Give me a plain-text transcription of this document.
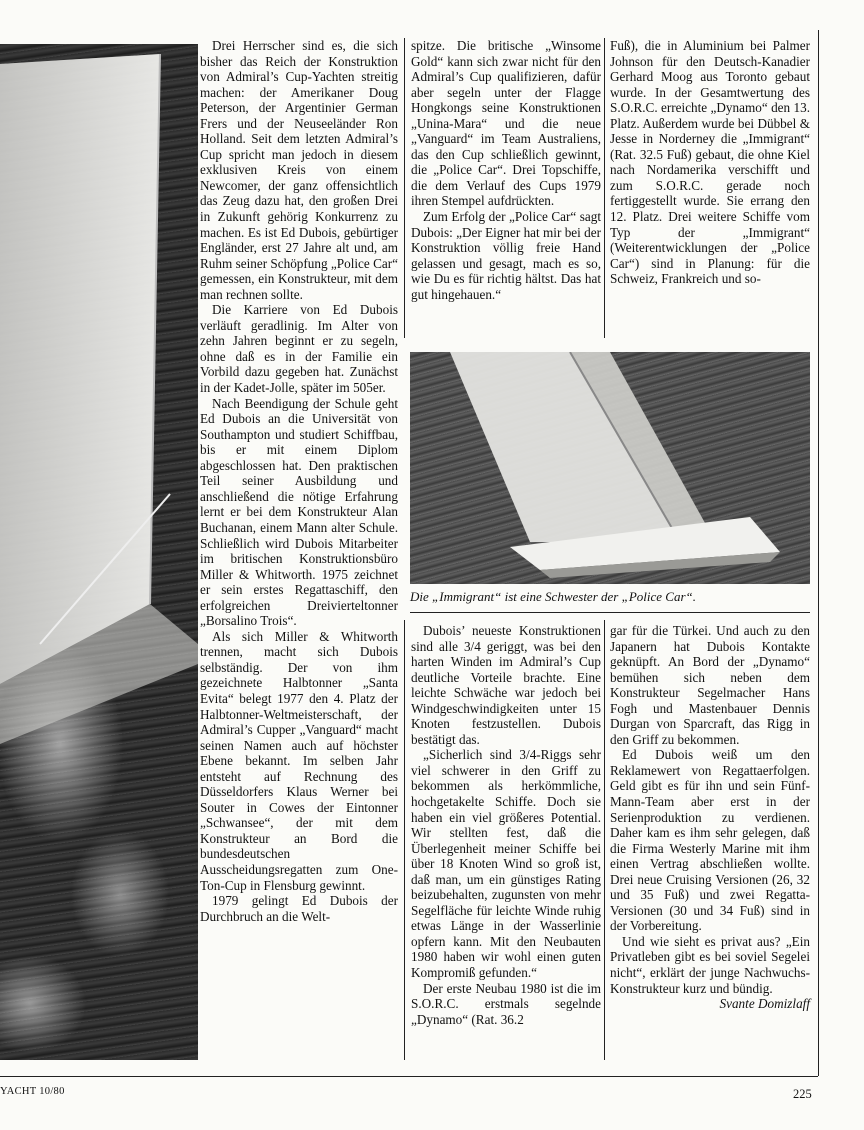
Drei Herrscher sind es, die sich bisher das Reich der Konstruktion von Admiral’s Cup-Yachten streitig machen: der Amerikaner Doug Peterson, der Argentinier German Frers und der Neuseeländer Ron Holland. Seit dem letzten Admiral’s Cup spricht man jedoch in diesem exklusiven Kreis von einem Newcomer, der ganz offensichtlich das Zeug dazu hat, den großen Drei in Zukunft gehörig Konkurrenz zu machen. Es ist Ed Dubois, gebürtiger Engländer, erst 27 Jahre alt und, am Ruhm seiner Schöpfung „Police Car“ gemessen, ein Konstrukteur, mit dem man rechnen sollte.

Die Karriere von Ed Dubois verläuft geradlinig. Im Alter von zehn Jahren beginnt er zu segeln, ohne daß es in der Familie ein Vorbild dazu gegeben hat. Zunächst in der Kadet-Jolle, später im 505er.

Nach Beendigung der Schule geht Ed Dubois an die Universität von Southampton und studiert Schiffbau, bis er mit einem Diplom abgeschlossen hat. Den praktischen Teil seiner Ausbildung und anschließend die nötige Erfahrung lernt er bei dem Konstrukteur Alan Buchanan, einem Mann alter Schule. Schließlich wird Dubois Mitarbeiter im britischen Konstruktionsbüro Miller & Whitworth. 1975 zeichnet er sein erstes Regattaschiff, den erfolgreichen Dreivierteltonner „Borsalino Trois“.

Als sich Miller & Whitworth trennen, macht sich Dubois selbständig. Der von ihm gezeichnete Halbtonner „Santa Evita“ belegt 1977 den 4. Platz der Halbtonner-Weltmeisterschaft, der Admiral’s Cupper „Vanguard“ macht seinen Namen auch auf höchster Ebene bekannt. Im selben Jahr entsteht auf Rechnung des Düsseldorfers Klaus Werner bei Souter in Cowes der Eintonner „Schwansee“, der mit dem Konstrukteur an Bord die bundesdeutschen Ausscheidungsregatten zum One-Ton-Cup in Flensburg gewinnt.

1979 gelingt Ed Dubois der Durchbruch an die Welt-

spitze. Die britische „Winsome Gold“ kann sich zwar nicht für den Admiral’s Cup qualifizieren, dafür aber segeln unter der Flagge Hongkongs seine Konstruktionen „Unina-Mara“ und die neue „Vanguard“ im Team Australiens, das den Cup schließlich gewinnt, die „Police Car“. Drei Topschiffe, die dem Verlauf des Cups 1979 ihren Stempel aufdrückten.

Zum Erfolg der „Police Car“ sagt Dubois: „Der Eigner hat mir bei der Konstruktion völlig freie Hand gelassen und gesagt, mach es so, wie Du es für richtig hältst. Das hat gut hingehauen.“

Fuß), die in Aluminium bei Palmer Johnson für den Deutsch-Kanadier Gerhard Moog aus Toronto gebaut wurde. In der Gesamtwertung des S.O.R.C. erreichte „Dynamo“ den 13. Platz. Außerdem wurde bei Dübbel & Jesse in Norderney die „Immigrant“ (Rat. 32.5 Fuß) gebaut, die ohne Kiel nach Nordamerika verschifft und zum S.O.R.C. gerade noch fertiggestellt wurde. Sie errang den 12. Platz. Drei weitere Schiffe vom Typ der „Immigrant“ (Weiterentwicklungen der „Police Car“) sind in Planung: für die Schweiz, Frankreich und so-

Die „Immigrant“ ist eine Schwester der „Police Car“.

Dubois’ neueste Konstruktionen sind alle 3/4 geriggt, was bei den harten Winden im Admiral’s Cup deutliche Vorteile brachte. Eine leichte Schwäche war jedoch bei Windgeschwindigkeiten unter 15 Knoten festzustellen. Dubois bestätigt das.

„Sicherlich sind 3/4-Riggs sehr viel schwerer in den Griff zu bekommen als herkömmliche, hochgetakelte Schiffe. Doch sie haben ein viel größeres Potential. Wir stellten fest, daß die Überlegenheit meiner Schiffe bei über 18 Knoten Wind so groß ist, daß man, um ein günstiges Rating beizubehalten, zugunsten von mehr Segelfläche für leichte Winde ruhig etwas Länge in der Wasserlinie opfern kann. Mit den Neubauten 1980 haben wir wohl einen guten Kompromiß gefunden.“

Der erste Neubau 1980 ist die im S.O.R.C. erstmals segelnde „Dynamo“ (Rat. 36.2

gar für die Türkei. Und auch zu den Japanern hat Dubois Kontakte geknüpft. An Bord der „Dynamo“ bemühen sich neben dem Konstrukteur Segelmacher Hans Fogh und Mastenbauer Dennis Durgan von Sparcraft, das Rigg in den Griff zu bekommen.

Ed Dubois weiß um den Reklamewert von Regattaerfolgen. Geld gibt es für ihn und sein Fünf-Mann-Team aber erst in der Serienproduktion zu verdienen. Daher kam es ihm sehr gelegen, daß die Firma Westerly Marine mit ihm einen Vertrag abschließen wollte. Drei neue Cruising Versionen (26, 32 und 35 Fuß) und zwei Regatta-Versionen (30 und 34 Fuß) sind in der Vorbereitung.

Und wie sieht es privat aus? „Ein Privatleben gibt es bei soviel Segelei nicht“, erklärt der junge Nachwuchs-Konstrukteur kurz und bündig.

Svante Domizlaff

YACHT 10/80	225
